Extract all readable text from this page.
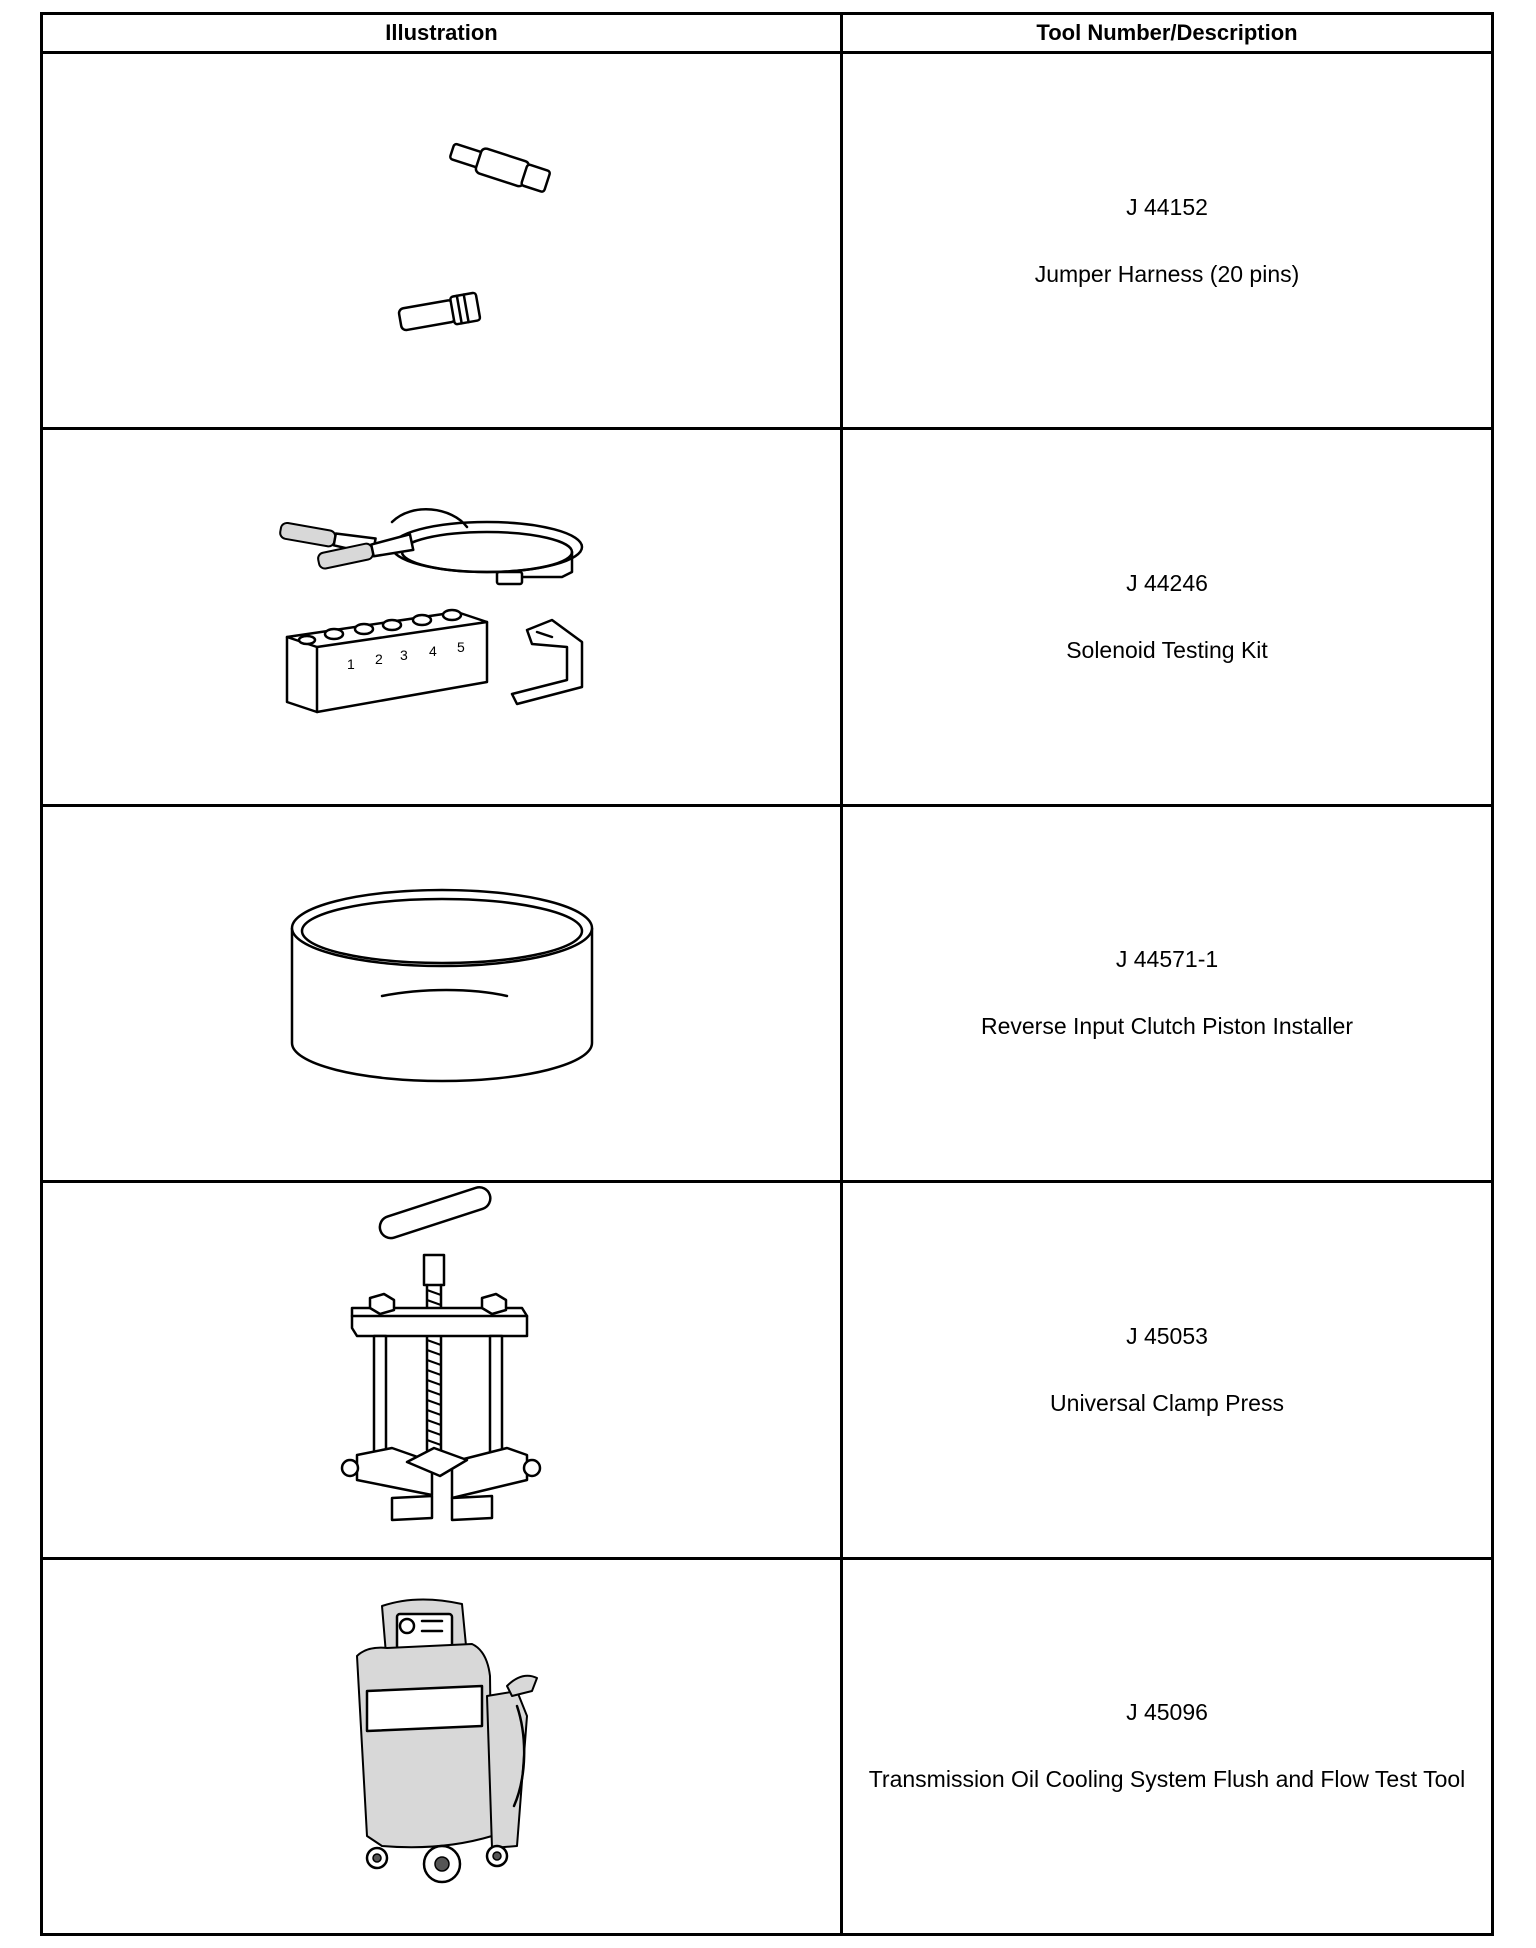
Illustration	Tool Number/Description

J 44152
Jumper Harness (20 pins)

1 2 3 4 5	J 44246
Solenoid Testing Kit

J 44571-1
Reverse Input Clutch Piston Installer

J 45053
Universal Clamp Press

J 45096
Transmission Oil Cooling System Flush and Flow Test Tool
